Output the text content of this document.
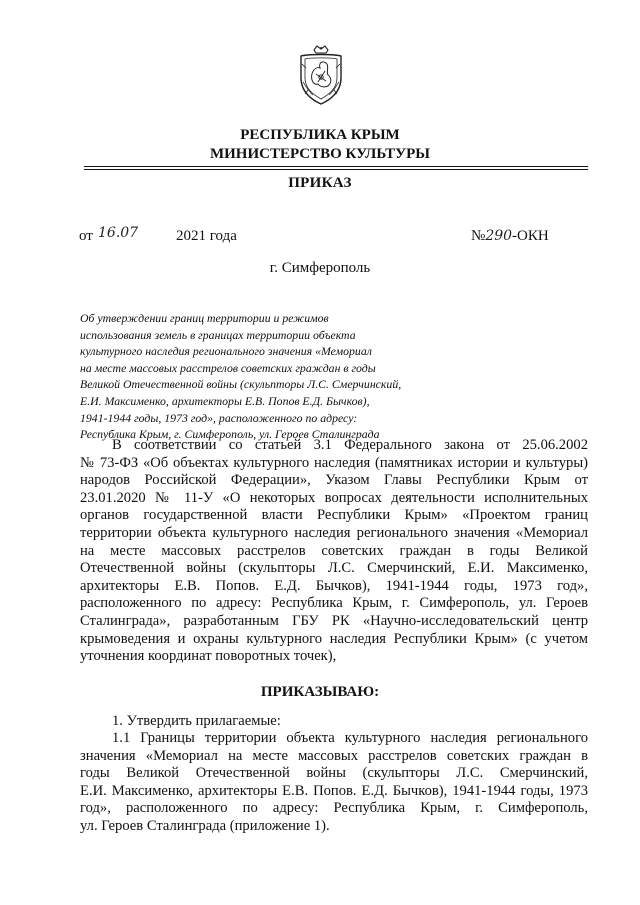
РЕСПУБЛИКА КРЫМ
МИНИСТЕРСТВО КУЛЬТУРЫ
ПРИКАЗ
от 16.07	2021 года	№290-ОКН
г. Симферополь
Об утверждении границ территории и режимов
использования земель в границах территории объекта
культурного наследия регионального значения «Мемориал
на месте массовых расстрелов советских граждан в годы
Великой Отечественной войны (скульпторы Л.С. Смерчинский,
Е.И. Максименко, архитекторы Е.В. Попов Е.Д. Бычков),
1941-1944 годы, 1973 год», расположенного по адресу:
Республика Крым, г. Симферополь, ул. Героев Сталинграда
В соответствии со статьей 3.1 Федерального закона от 25.06.2002
№ 73-ФЗ «Об объектах культурного наследия (памятниках истории и культуры)
народов Российской Федерации», Указом Главы Республики Крым от
23.01.2020 № 11-У «О некоторых вопросах деятельности исполнительных
органов государственной власти Республики Крым» «Проектом границ
территории объекта культурного наследия регионального значения «Мемориал
на месте массовых расстрелов советских граждан в годы Великой
Отечественной войны (скульпторы Л.С. Смерчинский, Е.И. Максименко,
архитекторы Е.В. Попов. Е.Д. Бычков), 1941-1944 годы, 1973 год»,
расположенного по адресу: Республика Крым, г. Симферополь, ул. Героев
Сталинграда», разработанным ГБУ РК «Научно-исследовательский центр
крымоведения и охраны культурного наследия Республики Крым» (с учетом
уточнения координат поворотных точек),
ПРИКАЗЫВАЮ:
1. Утвердить прилагаемые:
1.1 Границы территории объекта культурного наследия регионального
значения «Мемориал на месте массовых расстрелов советских граждан в
годы Великой Отечественной войны (скульпторы Л.С. Смерчинский,
Е.И. Максименко, архитекторы Е.В. Попов. Е.Д. Бычков), 1941-1944 годы, 1973
год», расположенного по адресу: Республика Крым, г. Симферополь,
ул. Героев Сталинграда (приложение 1).
